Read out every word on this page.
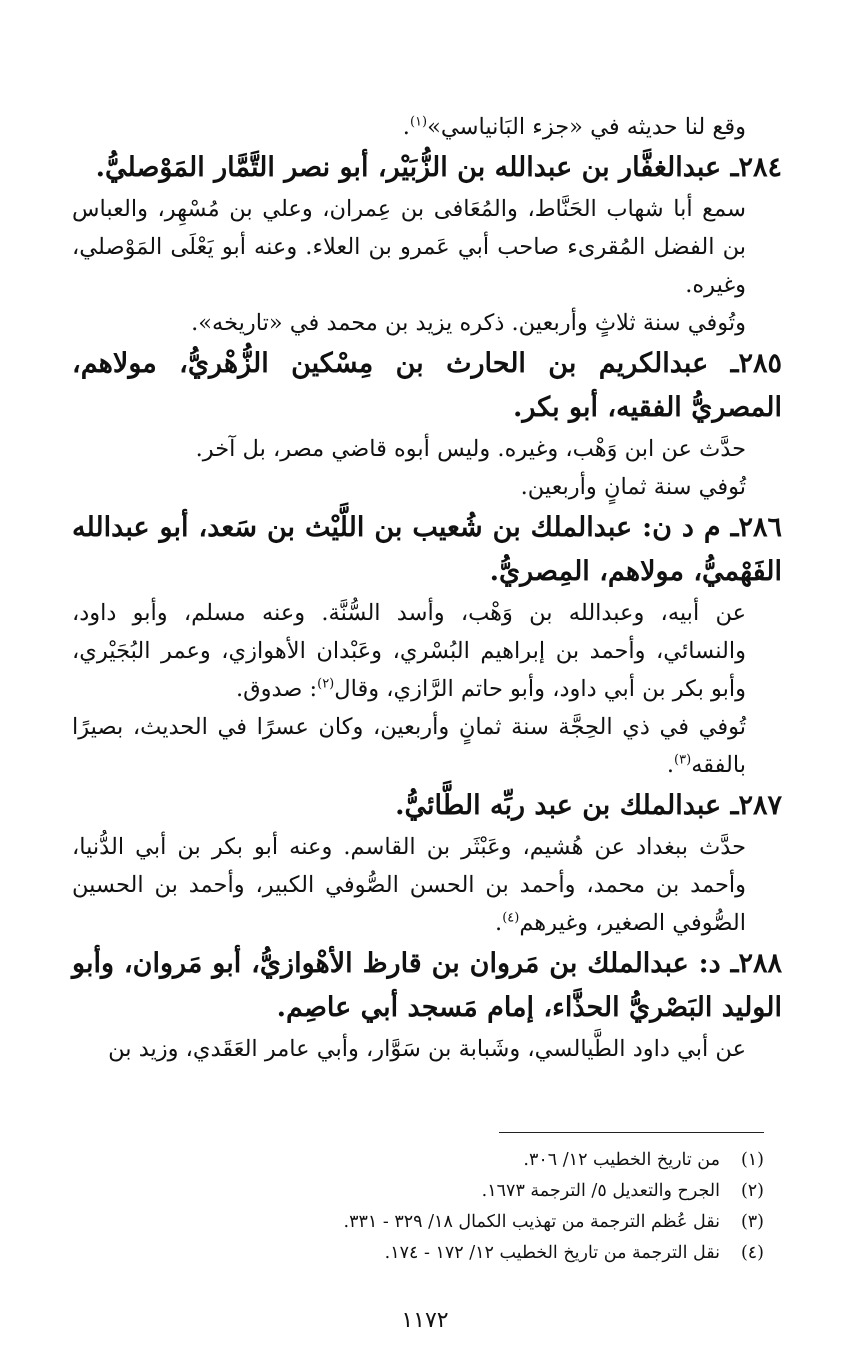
وقع لنا حديثه في «جزء البَانياسي»$^{(١)}$.

٢٨٤ـ عبدالغفَّار بن عبدالله بن الزُّبَيْر، أبو نصر التَّمَّار المَوْصليُّ.

سمع أبا شهاب الحَنَّاط، والمُعَافى بن عِمران، وعلي بن مُسْهِر، والعباس بن الفضل المُقرىء صاحب أبي عَمرو بن العلاء. وعنه أبو يَعْلَى المَوْصلي، وغيره.

وتُوفي سنة ثلاثٍ وأربعين. ذكره يزيد بن محمد في «تاريخه».

٢٨٥ـ عبدالكريم بن الحارث بن مِسْكين الزُّهْريُّ، مولاهم، المصريُّ الفقيه، أبو بكر.

حدَّث عن ابن وَهْب، وغيره. وليس أبوه قاضي مصر، بل آخر.

تُوفي سنة ثمانٍ وأربعين.

٢٨٦ـ م د ن: عبدالملك بن شُعيب بن اللَّيْث بن سَعد، أبو عبدالله الفَهْميُّ، مولاهم، المِصريُّ.

عن أبيه، وعبدالله بن وَهْب، وأسد السُّنَّة. وعنه مسلم، وأبو داود، والنسائي، وأحمد بن إبراهيم البُسْري، وعَبْدان الأهوازي، وعمر البُجَيْري، وأبو بكر بن أبي داود، وأبو حاتم الرَّازي، وقال$^{(٢)}$: صدوق.

تُوفي في ذي الحِجَّة سنة ثمانٍ وأربعين، وكان عسرًا في الحديث، بصيرًا بالفقه$^{(٣)}$.

٢٨٧ـ عبدالملك بن عبد ربِّه الطَّائيُّ.

حدَّث ببغداد عن هُشيم، وعَبْثَر بن القاسم. وعنه أبو بكر بن أبي الدُّنيا، وأحمد بن محمد، وأحمد بن الحسن الصُّوفي الكبير، وأحمد بن الحسين الصُّوفي الصغير، وغيرهم$^{(٤)}$.

٢٨٨ـ د: عبدالملك بن مَروان بن قارظ الأهْوازيُّ، أبو مَروان، وأبو الوليد البَصْريُّ الحذَّاء، إمام مَسجد أبي عاصِم.

عن أبي داود الطَّيالسي، وشَبابة بن سَوَّار، وأبي عامر العَقَدي، وزيد بن

(١)
من تاريخ الخطيب ١٢/ ٣٠٦.

(٢)
الجرح والتعديل ٥/ الترجمة ١٦٧٣.

(٣)
نقل عُظم الترجمة من تهذيب الكمال ١٨/ ٣٢٩ - ٣٣١.

(٤)
نقل الترجمة من تاريخ الخطيب ١٢/ ١٧٢ - ١٧٤.

١١٧٢
